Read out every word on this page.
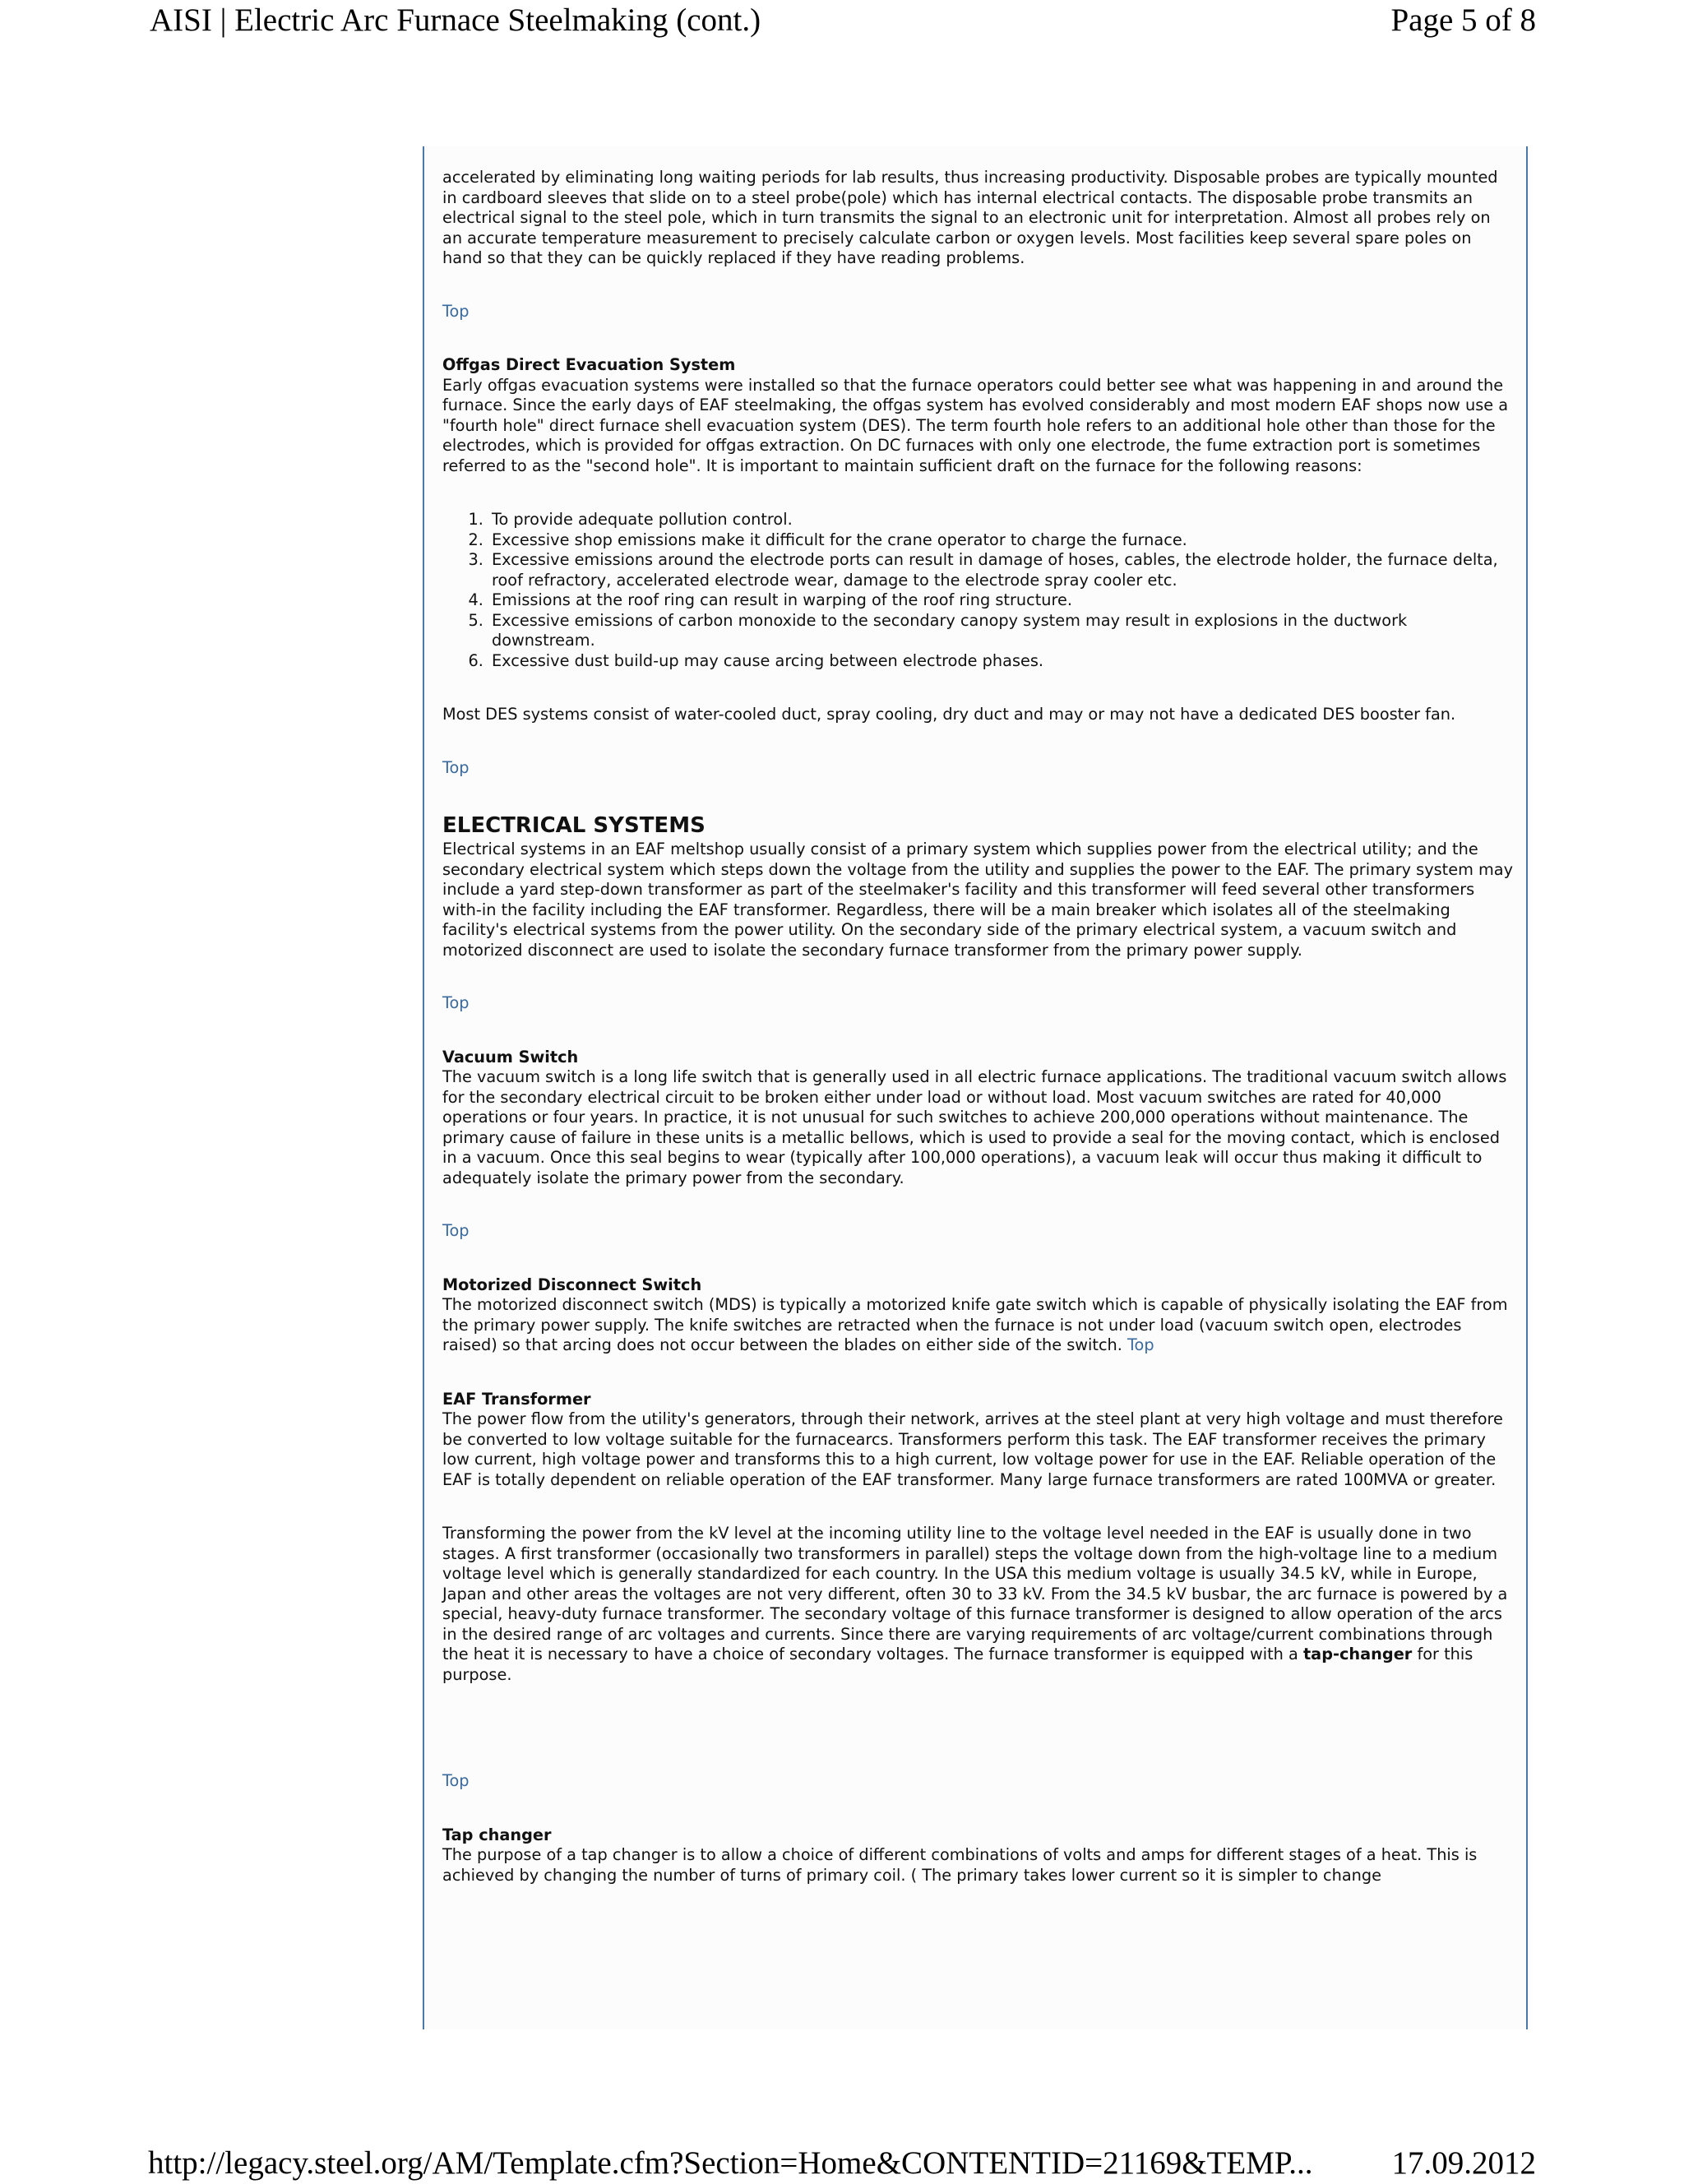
AISI | Electric Arc Furnace Steelmaking (cont.)	Page 5 of 8

accelerated by eliminating long waiting periods for lab results, thus increasing productivity. Disposable probes are typically mounted in cardboard sleeves that slide on to a steel probe(pole) which has internal electrical contacts. The disposable probe transmits an electrical signal to the steel pole, which in turn transmits the signal to an electronic unit for interpretation. Almost all probes rely on an accurate temperature measurement to precisely calculate carbon or oxygen levels. Most facilities keep several spare poles on hand so that they can be quickly replaced if they have reading problems.

Top

Offgas Direct Evacuation System

Early offgas evacuation systems were installed so that the furnace operators could better see what was happening in and around the furnace. Since the early days of EAF steelmaking, the offgas system has evolved considerably and most modern EAF shops now use a "fourth hole" direct furnace shell evacuation system (DES). The term fourth hole refers to an additional hole other than those for the electrodes, which is provided for offgas extraction. On DC furnaces with only one electrode, the fume extraction port is sometimes referred to as the "second hole". It is important to maintain sufficient draft on the furnace for the following reasons:

1. To provide adequate pollution control.
2. Excessive shop emissions make it difficult for the crane operator to charge the furnace.
3. Excessive emissions around the electrode ports can result in damage of hoses, cables, the electrode holder, the furnace delta, roof refractory, accelerated electrode wear, damage to the electrode spray cooler etc.
4. Emissions at the roof ring can result in warping of the roof ring structure.
5. Excessive emissions of carbon monoxide to the secondary canopy system may result in explosions in the ductwork downstream.
6. Excessive dust build-up may cause arcing between electrode phases.

Most DES systems consist of water-cooled duct, spray cooling, dry duct and may or may not have a dedicated DES booster fan.

Top

ELECTRICAL SYSTEMS

Electrical systems in an EAF meltshop usually consist of a primary system which supplies power from the electrical utility; and the secondary electrical system which steps down the voltage from the utility and supplies the power to the EAF. The primary system may include a yard step-down transformer as part of the steelmaker's facility and this transformer will feed several other transformers with-in the facility including the EAF transformer. Regardless, there will be a main breaker which isolates all of the steelmaking facility's electrical systems from the power utility. On the secondary side of the primary electrical system, a vacuum switch and motorized disconnect are used to isolate the secondary furnace transformer from the primary power supply.

Top

Vacuum Switch

The vacuum switch is a long life switch that is generally used in all electric furnace applications. The traditional vacuum switch allows for the secondary electrical circuit to be broken either under load or without load. Most vacuum switches are rated for 40,000 operations or four years. In practice, it is not unusual for such switches to achieve 200,000 operations without maintenance. The primary cause of failure in these units is a metallic bellows, which is used to provide a seal for the moving contact, which is enclosed in a vacuum. Once this seal begins to wear (typically after 100,000 operations), a vacuum leak will occur thus making it difficult to adequately isolate the primary power from the secondary.

Top

Motorized Disconnect Switch

The motorized disconnect switch (MDS) is typically a motorized knife gate switch which is capable of physically isolating the EAF from the primary power supply. The knife switches are retracted when the furnace is not under load (vacuum switch open, electrodes raised) so that arcing does not occur between the blades on either side of the switch. Top

EAF Transformer

The power flow from the utility's generators, through their network, arrives at the steel plant at very high voltage and must therefore be converted to low voltage suitable for the furnacearcs. Transformers perform this task. The EAF transformer receives the primary low current, high voltage power and transforms this to a high current, low voltage power for use in the EAF. Reliable operation of the EAF is totally dependent on reliable operation of the EAF transformer. Many large furnace transformers are rated 100MVA or greater.

Transforming the power from the kV level at the incoming utility line to the voltage level needed in the EAF is usually done in two stages. A first transformer (occasionally two transformers in parallel) steps the voltage down from the high-voltage line to a medium voltage level which is generally standardized for each country. In the USA this medium voltage is usually 34.5 kV, while in Europe, Japan and other areas the voltages are not very different, often 30 to 33 kV. From the 34.5 kV busbar, the arc furnace is powered by a special, heavy-duty furnace transformer. The secondary voltage of this furnace transformer is designed to allow operation of the arcs in the desired range of arc voltages and currents. Since there are varying requirements of arc voltage/current combinations through the heat it is necessary to have a choice of secondary voltages. The furnace transformer is equipped with a tap-changer for this purpose.

Top

Tap changer

The purpose of a tap changer is to allow a choice of different combinations of volts and amps for different stages of a heat. This is achieved by changing the number of turns of primary coil. ( The primary takes lower current so it is simpler to change

http://legacy.steel.org/AM/Template.cfm?Section=Home&CONTENTID=21169&TEMP... 17.09.2012
